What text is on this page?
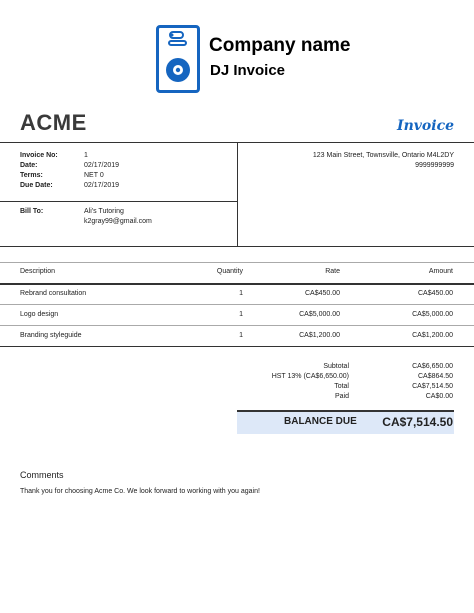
Company name
DJ Invoice
ACME	Invoice
Invoice No:	1
Date:	02/17/2019
Terms:	NET 0
Due Date:	02/17/2019
Bill To:	Ali's Tutoring
k2gray99@gmail.com
123 Main Street, Townsville, Ontario M4L2DY
9999999999
Description	Quantity	Rate	Amount
Rebrand consultation	1	CA$450.00	CA$450.00
Logo design	1	CA$5,000.00	CA$5,000.00
Branding styleguide	1	CA$1,200.00	CA$1,200.00
Subtotal	CA$6,650.00
HST 13% (CA$6,650.00)	CA$864.50
Total	CA$7,514.50
Paid	CA$0.00
BALANCE DUE CA$7,514.50
Comments
Thank you for choosing Acme Co. We look forward to working with you again!
